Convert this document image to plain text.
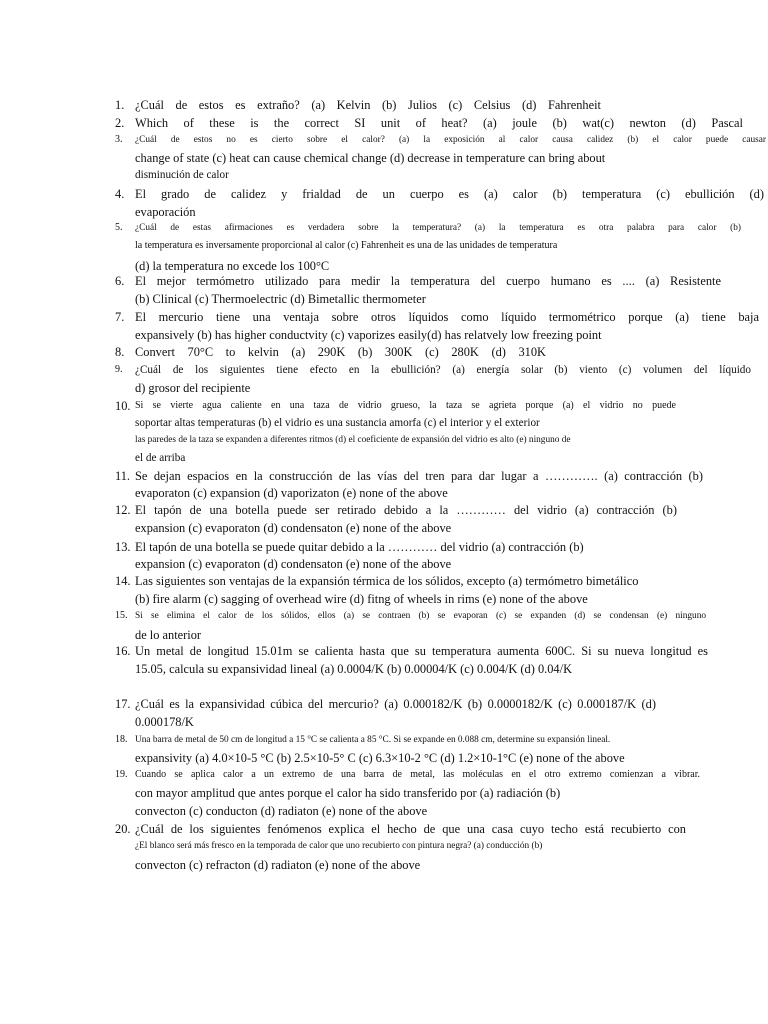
1. ¿Cuál de estos es extraño? (a) Kelvin (b) Julios (c) Celsius (d) Fahrenheit
2. Which of these is the correct SI unit of heat? (a) joule (b) wat(c) newton (d) Pascal
3. ¿Cuál de estos no es cierto sobre el calor? (a) la exposición al calor causa calidez (b) el calor puede causar
change of state (c) heat can cause chemical change (d) decrease in temperature can bring about
disminución de calor
4. El grado de calidez y frialdad de un cuerpo es (a) calor (b) temperatura (c) ebullición (d)
evaporación
5. ¿Cuál de estas afirmaciones es verdadera sobre la temperatura? (a) la temperatura es otra palabra para calor (b)
la temperatura es inversamente proporcional al calor (c) Fahrenheit es una de las unidades de temperatura
(d) la temperatura no excede los 100°C
6. El mejor termómetro utilizado para medir la temperatura del cuerpo humano es .... (a) Resistente
(b) Clinical (c) Thermoelectric (d) Bimetallic thermometer
7. El mercurio tiene una ventaja sobre otros líquidos como líquido termométrico porque (a) tiene baja
expansively (b) has higher conductvity (c) vaporizes easily(d) has relatvely low freezing point
8. Convert 70°C to kelvin (a) 290K (b) 300K (c) 280K (d) 310K
9. ¿Cuál de los siguientes tiene efecto en la ebullición? (a) energía solar (b) viento (c) volumen del líquido
d) grosor del recipiente
10. Si se vierte agua caliente en una taza de vidrio grueso, la taza se agrieta porque (a) el vidrio no puede
soportar altas temperaturas (b) el vidrio es una sustancia amorfa (c) el interior y el exterior
las paredes de la taza se expanden a diferentes ritmos (d) el coeficiente de expansión del vidrio es alto (e) ninguno de
el de arriba
11. Se dejan espacios en la construcción de las vías del tren para dar lugar a …………. (a) contracción (b)
evaporaton (c) expansion (d) vaporizaton (e) none of the above
12. El tapón de una botella puede ser retirado debido a la ………… del vidrio (a) contracción (b)
expansion (c) evaporaton (d) condensaton (e) none of the above
13. El tapón de una botella se puede quitar debido a la ………… del vidrio (a) contracción (b)
expansion (c) evaporaton (d) condensaton (e) none of the above
14. Las siguientes son ventajas de la expansión térmica de los sólidos, excepto (a) termómetro bimetálico
(b) fire alarm (c) sagging of overhead wire (d) fitng of wheels in rims (e) none of the above
15. Si se elimina el calor de los sólidos, ellos (a) se contraen (b) se evaporan (c) se expanden (d) se condensan (e) ninguno
de lo anterior
16. Un metal de longitud 15.01m se calienta hasta que su temperatura aumenta 600C. Si su nueva longitud es
15.05, calcula su expansividad lineal (a) 0.0004/K (b) 0.00004/K (c) 0.004/K (d) 0.04/K
17. ¿Cuál es la expansividad cúbica del mercurio? (a) 0.000182/K (b) 0.0000182/K (c) 0.000187/K (d)
0.000178/K
18. Una barra de metal de 50 cm de longitud a 15 °C se calienta a 85 °C. Si se expande en 0.088 cm, determine su expansión lineal.
expansivity (a) 4.0×10-5 °C (b) 2.5×10-5° C (c) 6.3×10-2 °C (d) 1.2×10-1°C (e) none of the above
19. Cuando se aplica calor a un extremo de una barra de metal, las moléculas en el otro extremo comienzan a vibrar.
con mayor amplitud que antes porque el calor ha sido transferido por (a) radiación (b)
convecton (c) conducton (d) radiaton (e) none of the above
20. ¿Cuál de los siguientes fenómenos explica el hecho de que una casa cuyo techo está recubierto con
¿El blanco será más fresco en la temporada de calor que uno recubierto con pintura negra? (a) conducción (b)
convecton (c) refracton (d) radiaton (e) none of the above
